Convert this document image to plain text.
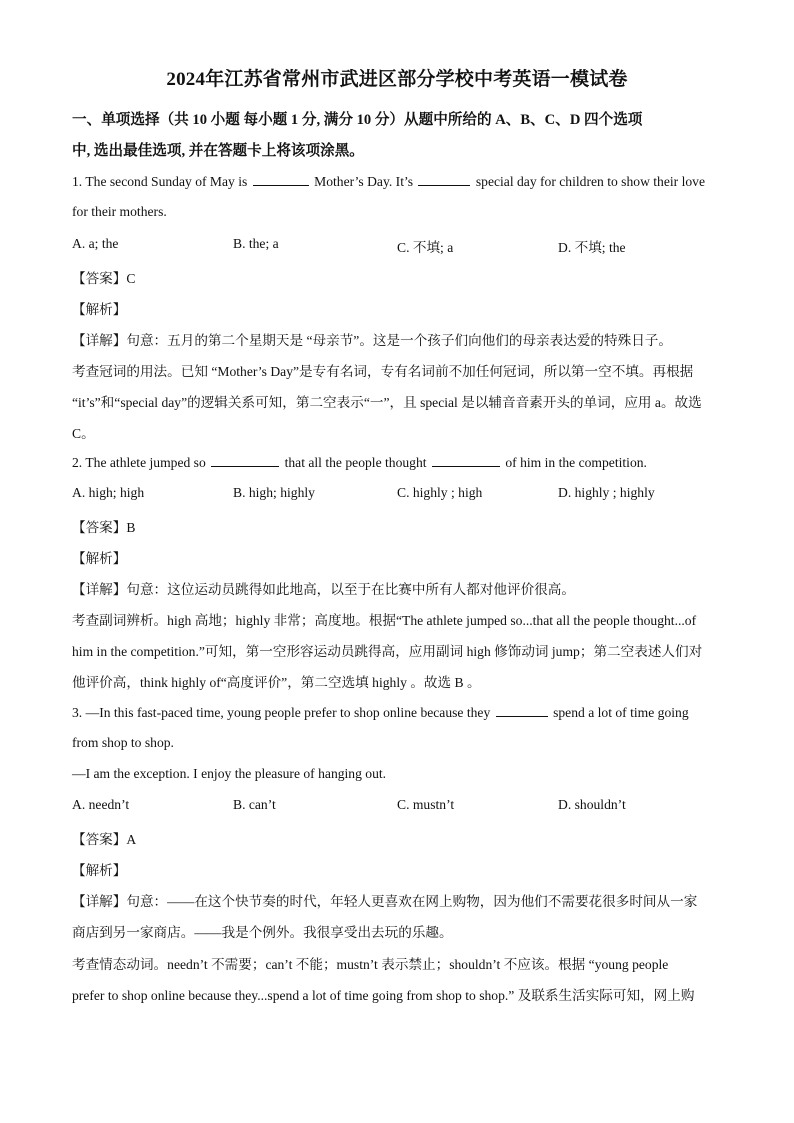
2024年江苏省常州市武进区部分学校中考英语一模试卷
一、单项选择（共 10 小题 每小题 1 分, 满分 10 分）从题中所给的 A、B、C、D 四个选项
中, 选出最佳选项, 并在答题卡上将该项涂黑。
1. The second Sunday of May is	Mother’s Day. It’s	special day for children to show their love
for their mothers.
A. a; the	B. the; a	C. 不填; a	D. 不填; the
【答案】C
【解析】
【详解】句意：五月的第二个星期天是 “母亲节”。这是一个孩子们向他们的母亲表达爱的特殊日子。
考查冠词的用法。已知 “Mother’s Day”是专有名词，专有名词前不加任何冠词，所以第一空不填。再根据
“it’s”和“special day”的逻辑关系可知，第二空表示“一”，且 special 是以辅音音素开头的单词，应用 a。故选
C。
2. The athlete jumped so	that all the people thought	of him in the competition.
A. high; high	B. high; highly	C. highly ; high	D. highly ; highly
【答案】B
【解析】
【详解】句意：这位运动员跳得如此地高，以至于在比赛中所有人都对他评价很高。
考查副词辨析。high 高地；highly 非常；高度地。根据“The athlete jumped so...that all the people thought...of
him in the competition.”可知，第一空形容运动员跳得高，应用副词 high 修饰动词 jump；第二空表述人们对
他评价高，think highly of“高度评价”，第二空选填 highly 。故选 B 。
3. —In this fast-paced time, young people prefer to shop online because they	spend a lot of time going
from shop to shop.
—I am the exception. I enjoy the pleasure of hanging out.
A. needn’t	B. can’t	C. mustn’t	D. shouldn’t
【答案】A
【解析】
【详解】句意：——在这个快节奏的时代，年轻人更喜欢在网上购物，因为他们不需要花很多时间从一家
商店到另一家商店。——我是个例外。我很享受出去玩的乐趣。
考查情态动词。needn’t 不需要；can’t 不能；mustn’t 表示禁止；shouldn’t 不应该。根据 “young people
prefer to shop online because they...spend a lot of time going from shop to shop.” 及联系生活实际可知，网上购
